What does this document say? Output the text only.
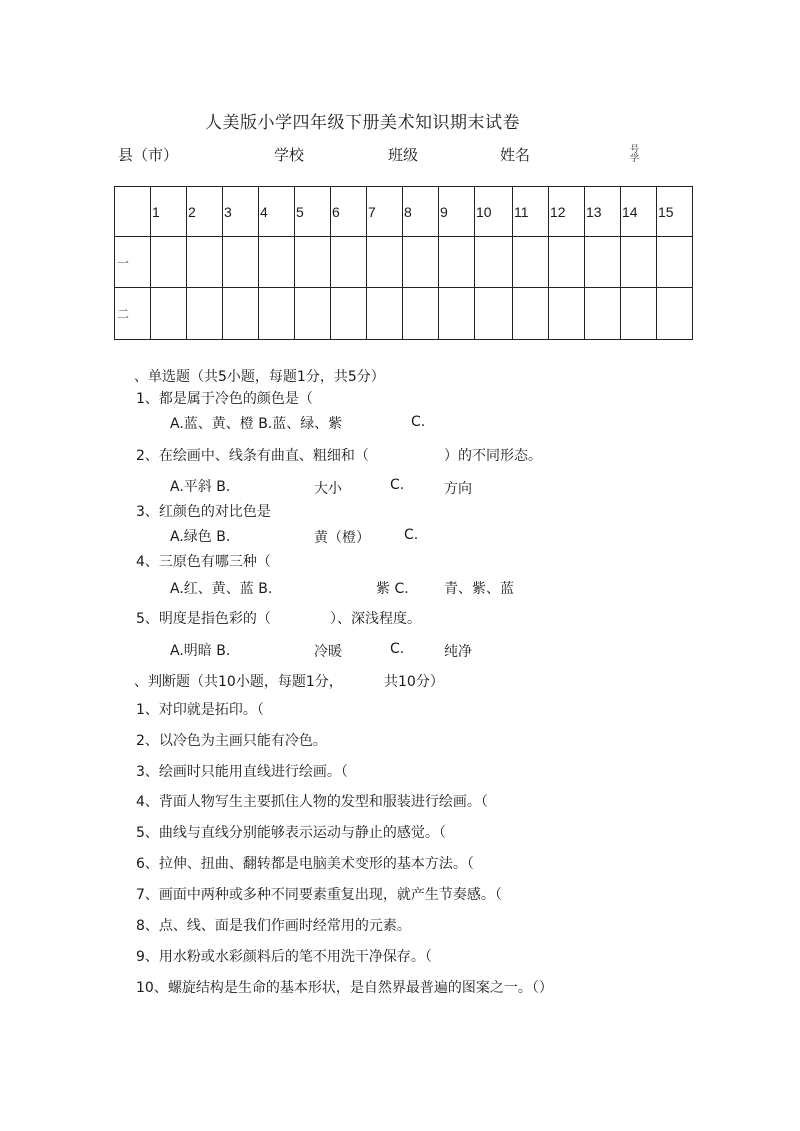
人美版小学四年级下册美术知识期末试卷
县（市）	学校	班级	姓名	号学
	1	2	3	4	5	6	7	8	9	10	11	12	13	14	15

一															

二															

、单选题（共5小题，每题1分，共5分）
1、都是属于冷色的颜色是（
A.蓝、黄、橙 B.蓝、绿、紫	C.
2、在绘画中、线条有曲直、粗细和（	）的不同形态。
A.平斜 B.	大小	C.	方向
3、红颜色的对比色是
A.绿色 B.	黄（橙） C.
4、三原色有哪三种（
A.红、黄、蓝 B.	紫 C.	青、紫、蓝
5、明度是指色彩的（	）、深浅程度。
A.明暗 B.	冷暖	C.	纯净
、判断题（共10小题，每题1分，	共10分）
1、对印就是拓印。（
2、以冷色为主画只能有冷色。
3、绘画时只能用直线进行绘画。（
4、背面人物写生主要抓住人物的发型和服装进行绘画。（
5、曲线与直线分别能够表示运动与静止的感觉。（
6、拉伸、扭曲、翻转都是电脑美术变形的基本方法。（
7、画面中两种或多种不同要素重复出现，就产生节奏感。（
8、点、线、面是我们作画时经常用的元素。
9、用水粉或水彩颜料后的笔不用洗干净保存。（
10、螺旋结构是生命的基本形状，是自然界最普遍的图案之一。（）
